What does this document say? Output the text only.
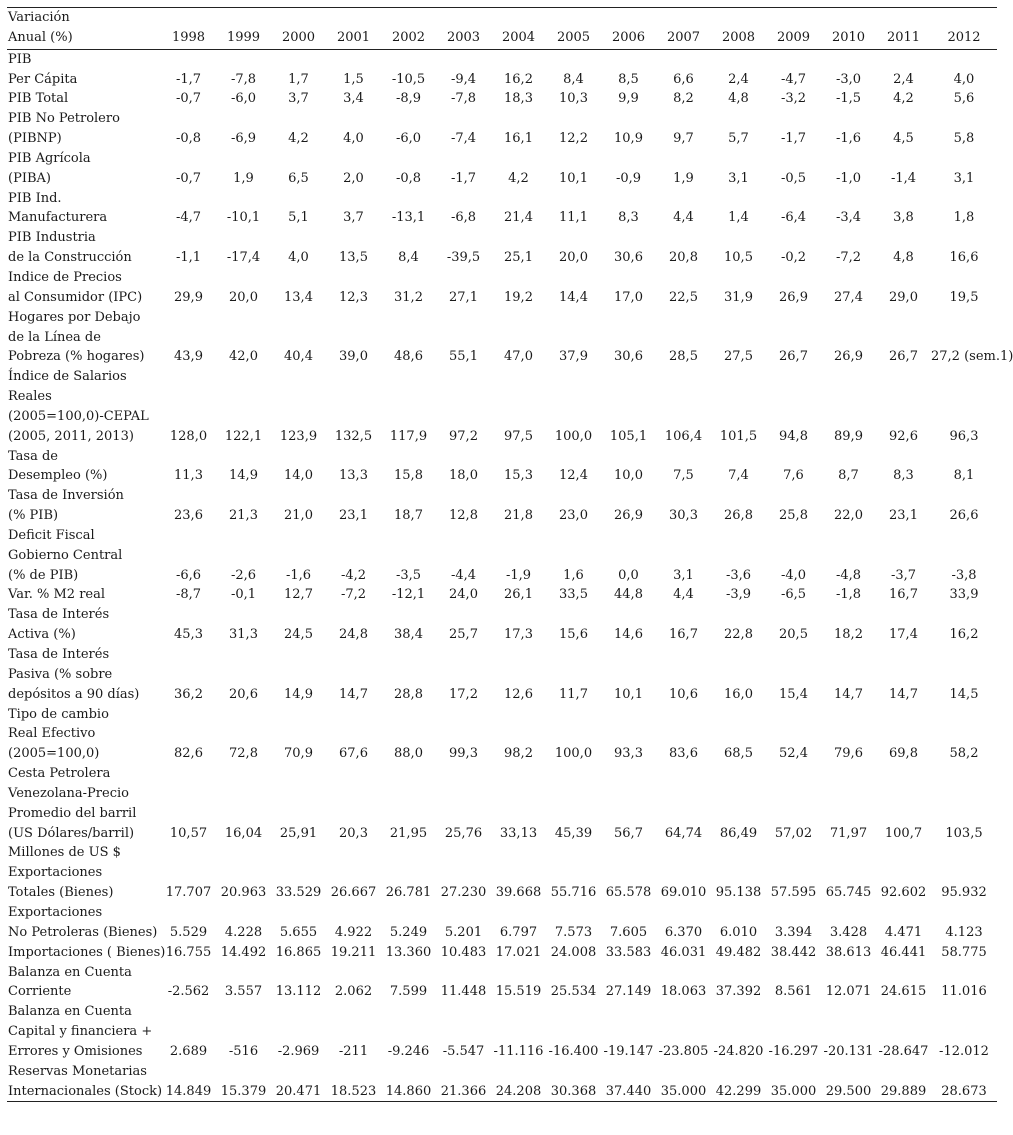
Variación
Anual (%)	1998	1999	2000	2001	2002	2003	2004	2005	2006	2007	2008	2009	2010	2011	2012
PIB
Per Cápita	-1,7	-7,8	1,7	1,5	-10,5	-9,4	16,2	8,4	8,5	6,6	2,4	-4,7	-3,0	2,4	4,0
PIB Total	-0,7	-6,0	3,7	3,4	-8,9	-7,8	18,3	10,3	9,9	8,2	4,8	-3,2	-1,5	4,2	5,6
PIB No Petrolero
(PIBNP)	-0,8	-6,9	4,2	4,0	-6,0	-7,4	16,1	12,2	10,9	9,7	5,7	-1,7	-1,6	4,5	5,8
PIB Agrícola
(PIBA)	-0,7	1,9	6,5	2,0	-0,8	-1,7	4,2	10,1	-0,9	1,9	3,1	-0,5	-1,0	-1,4	3,1
PIB Ind.
Manufacturera	-4,7	-10,1	5,1	3,7	-13,1	-6,8	21,4	11,1	8,3	4,4	1,4	-6,4	-3,4	3,8	1,8
PIB Industria
de la Construcción	-1,1	-17,4	4,0	13,5	8,4	-39,5	25,1	20,0	30,6	20,8	10,5	-0,2	-7,2	4,8	16,6
Indice de Precios
al Consumidor (IPC)	29,9	20,0	13,4	12,3	31,2	27,1	19,2	14,4	17,0	22,5	31,9	26,9	27,4	29,0	19,5
Hogares por Debajo
de la Línea de
Pobreza (% hogares)	43,9	42,0	40,4	39,0	48,6	55,1	47,0	37,9	30,6	28,5	27,5	26,7	26,9	26,7	27,2 (sem.1)
Índice de Salarios
Reales
(2005=100,0)-CEPAL
(2005, 2011, 2013)	128,0	122,1	123,9	132,5	117,9	97,2	97,5	100,0	105,1	106,4	101,5	94,8	89,9	92,6	96,3
Tasa de
Desempleo (%)	11,3	14,9	14,0	13,3	15,8	18,0	15,3	12,4	10,0	7,5	7,4	7,6	8,7	8,3	8,1
Tasa de Inversión
(% PIB)	23,6	21,3	21,0	23,1	18,7	12,8	21,8	23,0	26,9	30,3	26,8	25,8	22,0	23,1	26,6
Deficit Fiscal
Gobierno Central
(% de PIB)	-6,6	-2,6	-1,6	-4,2	-3,5	-4,4	-1,9	1,6	0,0	3,1	-3,6	-4,0	-4,8	-3,7	-3,8
Var. % M2 real	-8,7	-0,1	12,7	-7,2	-12,1	24,0	26,1	33,5	44,8	4,4	-3,9	-6,5	-1,8	16,7	33,9
Tasa de Interés
Activa (%)	45,3	31,3	24,5	24,8	38,4	25,7	17,3	15,6	14,6	16,7	22,8	20,5	18,2	17,4	16,2
Tasa de Interés
Pasiva (% sobre
depósitos a 90 días)	36,2	20,6	14,9	14,7	28,8	17,2	12,6	11,7	10,1	10,6	16,0	15,4	14,7	14,7	14,5
Tipo de cambio
Real Efectivo
(2005=100,0)	82,6	72,8	70,9	67,6	88,0	99,3	98,2	100,0	93,3	83,6	68,5	52,4	79,6	69,8	58,2
Cesta Petrolera
Venezolana-Precio
Promedio del barril
(US Dólares/barril)	10,57	16,04	25,91	20,3	21,95	25,76	33,13	45,39	56,7	64,74	86,49	57,02	71,97	100,7	103,5
Millones de US $
Exportaciones
Totales (Bienes)	17.707	20.963	33.529	26.667	26.781	27.230	39.668	55.716	65.578	69.010	95.138	57.595	65.745	92.602	95.932
Exportaciones
No Petroleras (Bienes)	5.529	4.228	5.655	4.922	5.249	5.201	6.797	7.573	7.605	6.370	6.010	3.394	3.428	4.471	4.123
Importaciones ( Bienes)	16.755	14.492	16.865	19.211	13.360	10.483	17.021	24.008	33.583	46.031	49.482	38.442	38.613	46.441	58.775
Balanza en Cuenta
Corriente	-2.562	3.557	13.112	2.062	7.599	11.448	15.519	25.534	27.149	18.063	37.392	8.561	12.071	24.615	11.016
Balanza en Cuenta
Capital y financiera +
Errores y Omisiones	2.689	-516	-2.969	-211	-9.246	-5.547	-11.116	-16.400	-19.147	-23.805	-24.820	-16.297	-20.131	-28.647	-12.012
Reservas Monetarias
Internacionales (Stock)	14.849	15.379	20.471	18.523	14.860	21.366	24.208	30.368	37.440	35.000	42.299	35.000	29.500	29.889	28.673
